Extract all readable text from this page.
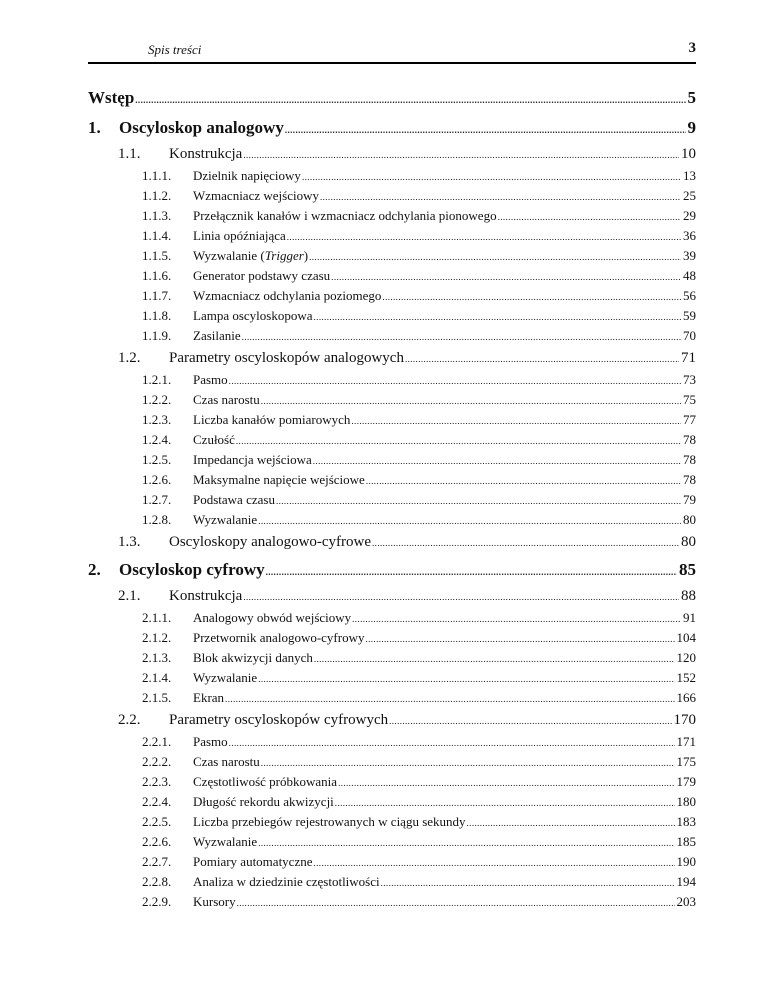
Spis treści	3
Wstęp .....	5
1.	Oscyloskop analogowy .....	9
1.1.	Konstrukcja .....	10
1.1.1.	Dzielnik napięciowy .....	13
1.1.2.	Wzmacniacz wejściowy .....	25
1.1.3.	Przełącznik kanałów i wzmacniacz odchylania pionowego .....	29
1.1.4.	Linia opóźniająca .....	36
1.1.5.	Wyzwalanie (Trigger) .....	39
1.1.6.	Generator podstawy czasu .....	48
1.1.7.	Wzmacniacz odchylania poziomego .....	56
1.1.8.	Lampa oscyloskopowa .....	59
1.1.9.	Zasilanie .....	70
1.2.	Parametry oscyloskopów analogowych .....	71
1.2.1.	Pasmo .....	73
1.2.2.	Czas narostu .....	75
1.2.3.	Liczba kanałów pomiarowych .....	77
1.2.4.	Czułość .....	78
1.2.5.	Impedancja wejściowa .....	78
1.2.6.	Maksymalne napięcie wejściowe .....	78
1.2.7.	Podstawa czasu .....	79
1.2.8.	Wyzwalanie .....	80
1.3.	Oscyloskopy analogowo-cyfrowe .....	80
2.	Oscyloskop cyfrowy .....	85
2.1.	Konstrukcja .....	88
2.1.1.	Analogowy obwód wejściowy .....	91
2.1.2.	Przetwornik analogowo-cyfrowy .....	104
2.1.3.	Blok akwizycji danych .....	120
2.1.4.	Wyzwalanie .....	152
2.1.5.	Ekran .....	166
2.2.	Parametry oscyloskopów cyfrowych .....	170
2.2.1.	Pasmo .....	171
2.2.2.	Czas narostu .....	175
2.2.3.	Częstotliwość próbkowania .....	179
2.2.4.	Długość rekordu akwizycji .....	180
2.2.5.	Liczba przebiegów rejestrowanych w ciągu sekundy .....	183
2.2.6.	Wyzwalanie .....	185
2.2.7.	Pomiary automatyczne .....	190
2.2.8.	Analiza w dziedzinie częstotliwości .....	194
2.2.9.	Kursory .....	203
